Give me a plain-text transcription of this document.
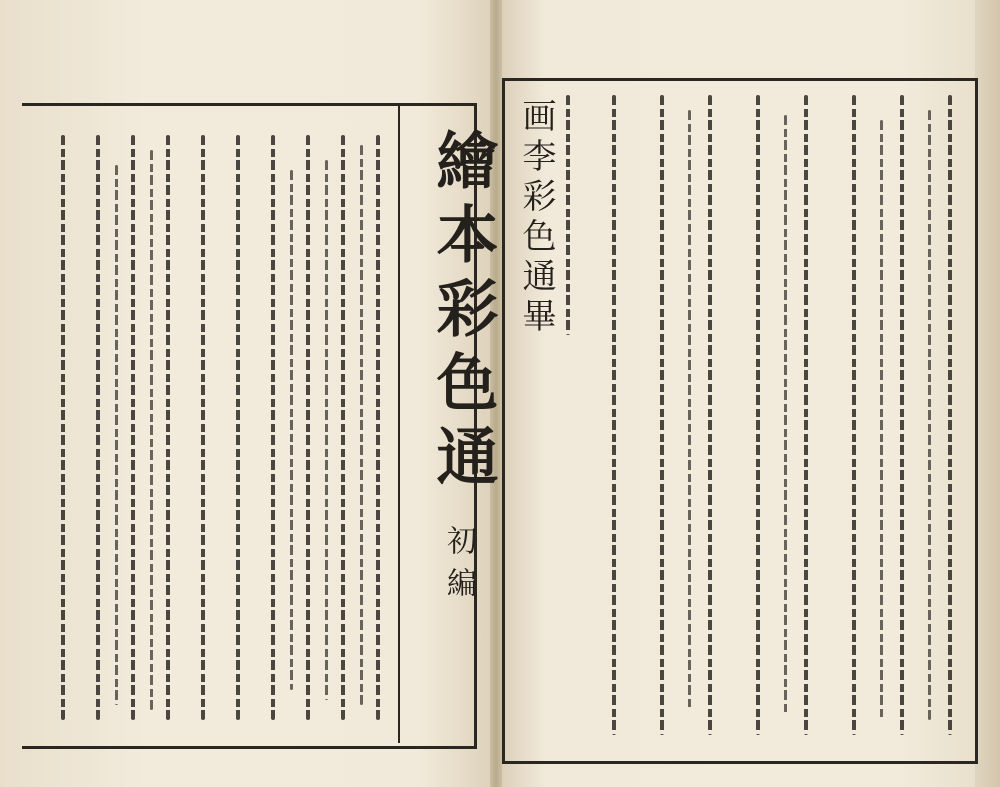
繪本彩色通
初編
画李彩色通畢
